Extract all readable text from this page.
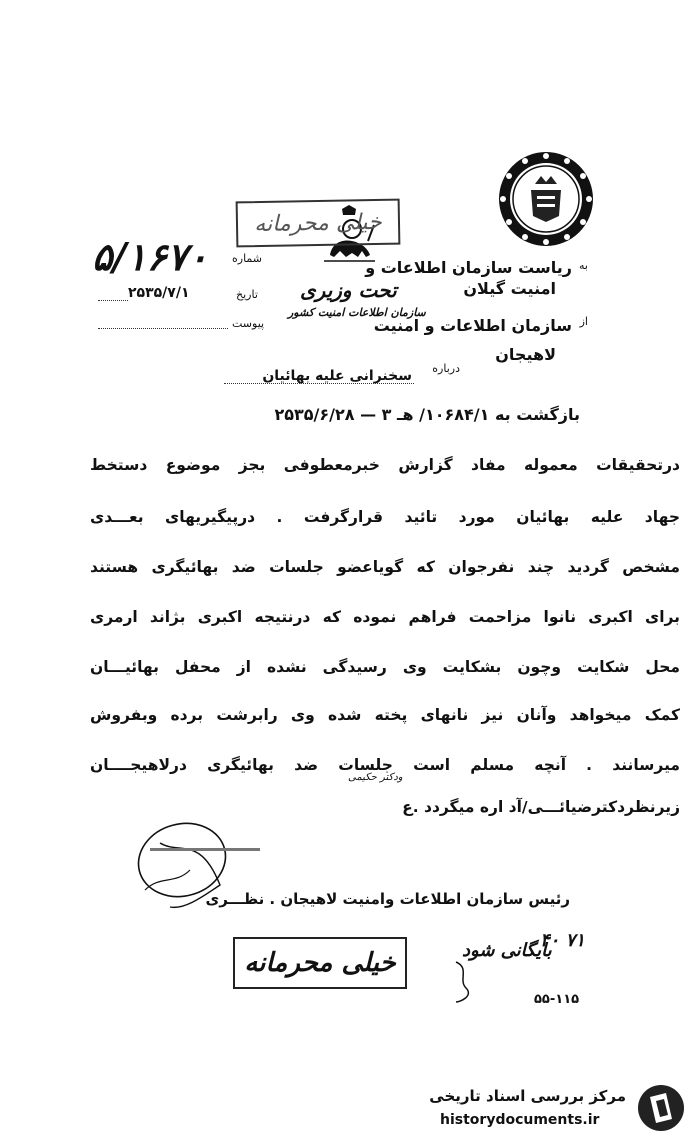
خیلی محرمانه
شماره
۵/۱۶۷۰	به
ریاست سازمان اطلاعات و
امنیت گیلان
تاریخ
۲۵۳۵/۷/۱	تحت وزیری
سازمان اطلاعات امنیت کشور
پیوست	از
سازمان اطلاعات و امنیت
لاهیجان
درباره
سخنرانی علیه بهائیان
بازگشت به ۱۰۶۸۴/۱/ هـ ۳ — ۲۵۳۵/۶/۲۸
درتحقیقات معموله مفاد گزارش خبرمعطوفی بجز موضوع دستخط
جهاد علیه بهائیان مورد تائید قرارگرفت . درپیگیریهای بعـــدی
مشخص گردید چند نفرجوان که گویاعضو جلسات ضد بهائیگری هستند
برای اکبری نانوا مزاحمت فراهم نموده که درنتیجه اکبری بژاند ارمری
محل شکایت وچون بشکایت وی رسیدگی نشده از محفل بهائیـــان
کمک میخواهد وآنان نیز نانهای پخته شده وی رابرشت برده وبفروش
میرسانند . آنچه مسلم است جلسات ضد بهائیگری درلاهیجــــان
ودکتر حکیمی
زیرنظردکترضیائـــی/آد اره میگردد .ع
رئیس سازمان اطلاعات وامنیت لاهیجان . نظـــری
خیلی محرمانه	بایگانی شود
۴۰ ۷۱
۵۵-۱۱۵
مرکز بررسی اسناد تاریخی
historydocuments.ir
